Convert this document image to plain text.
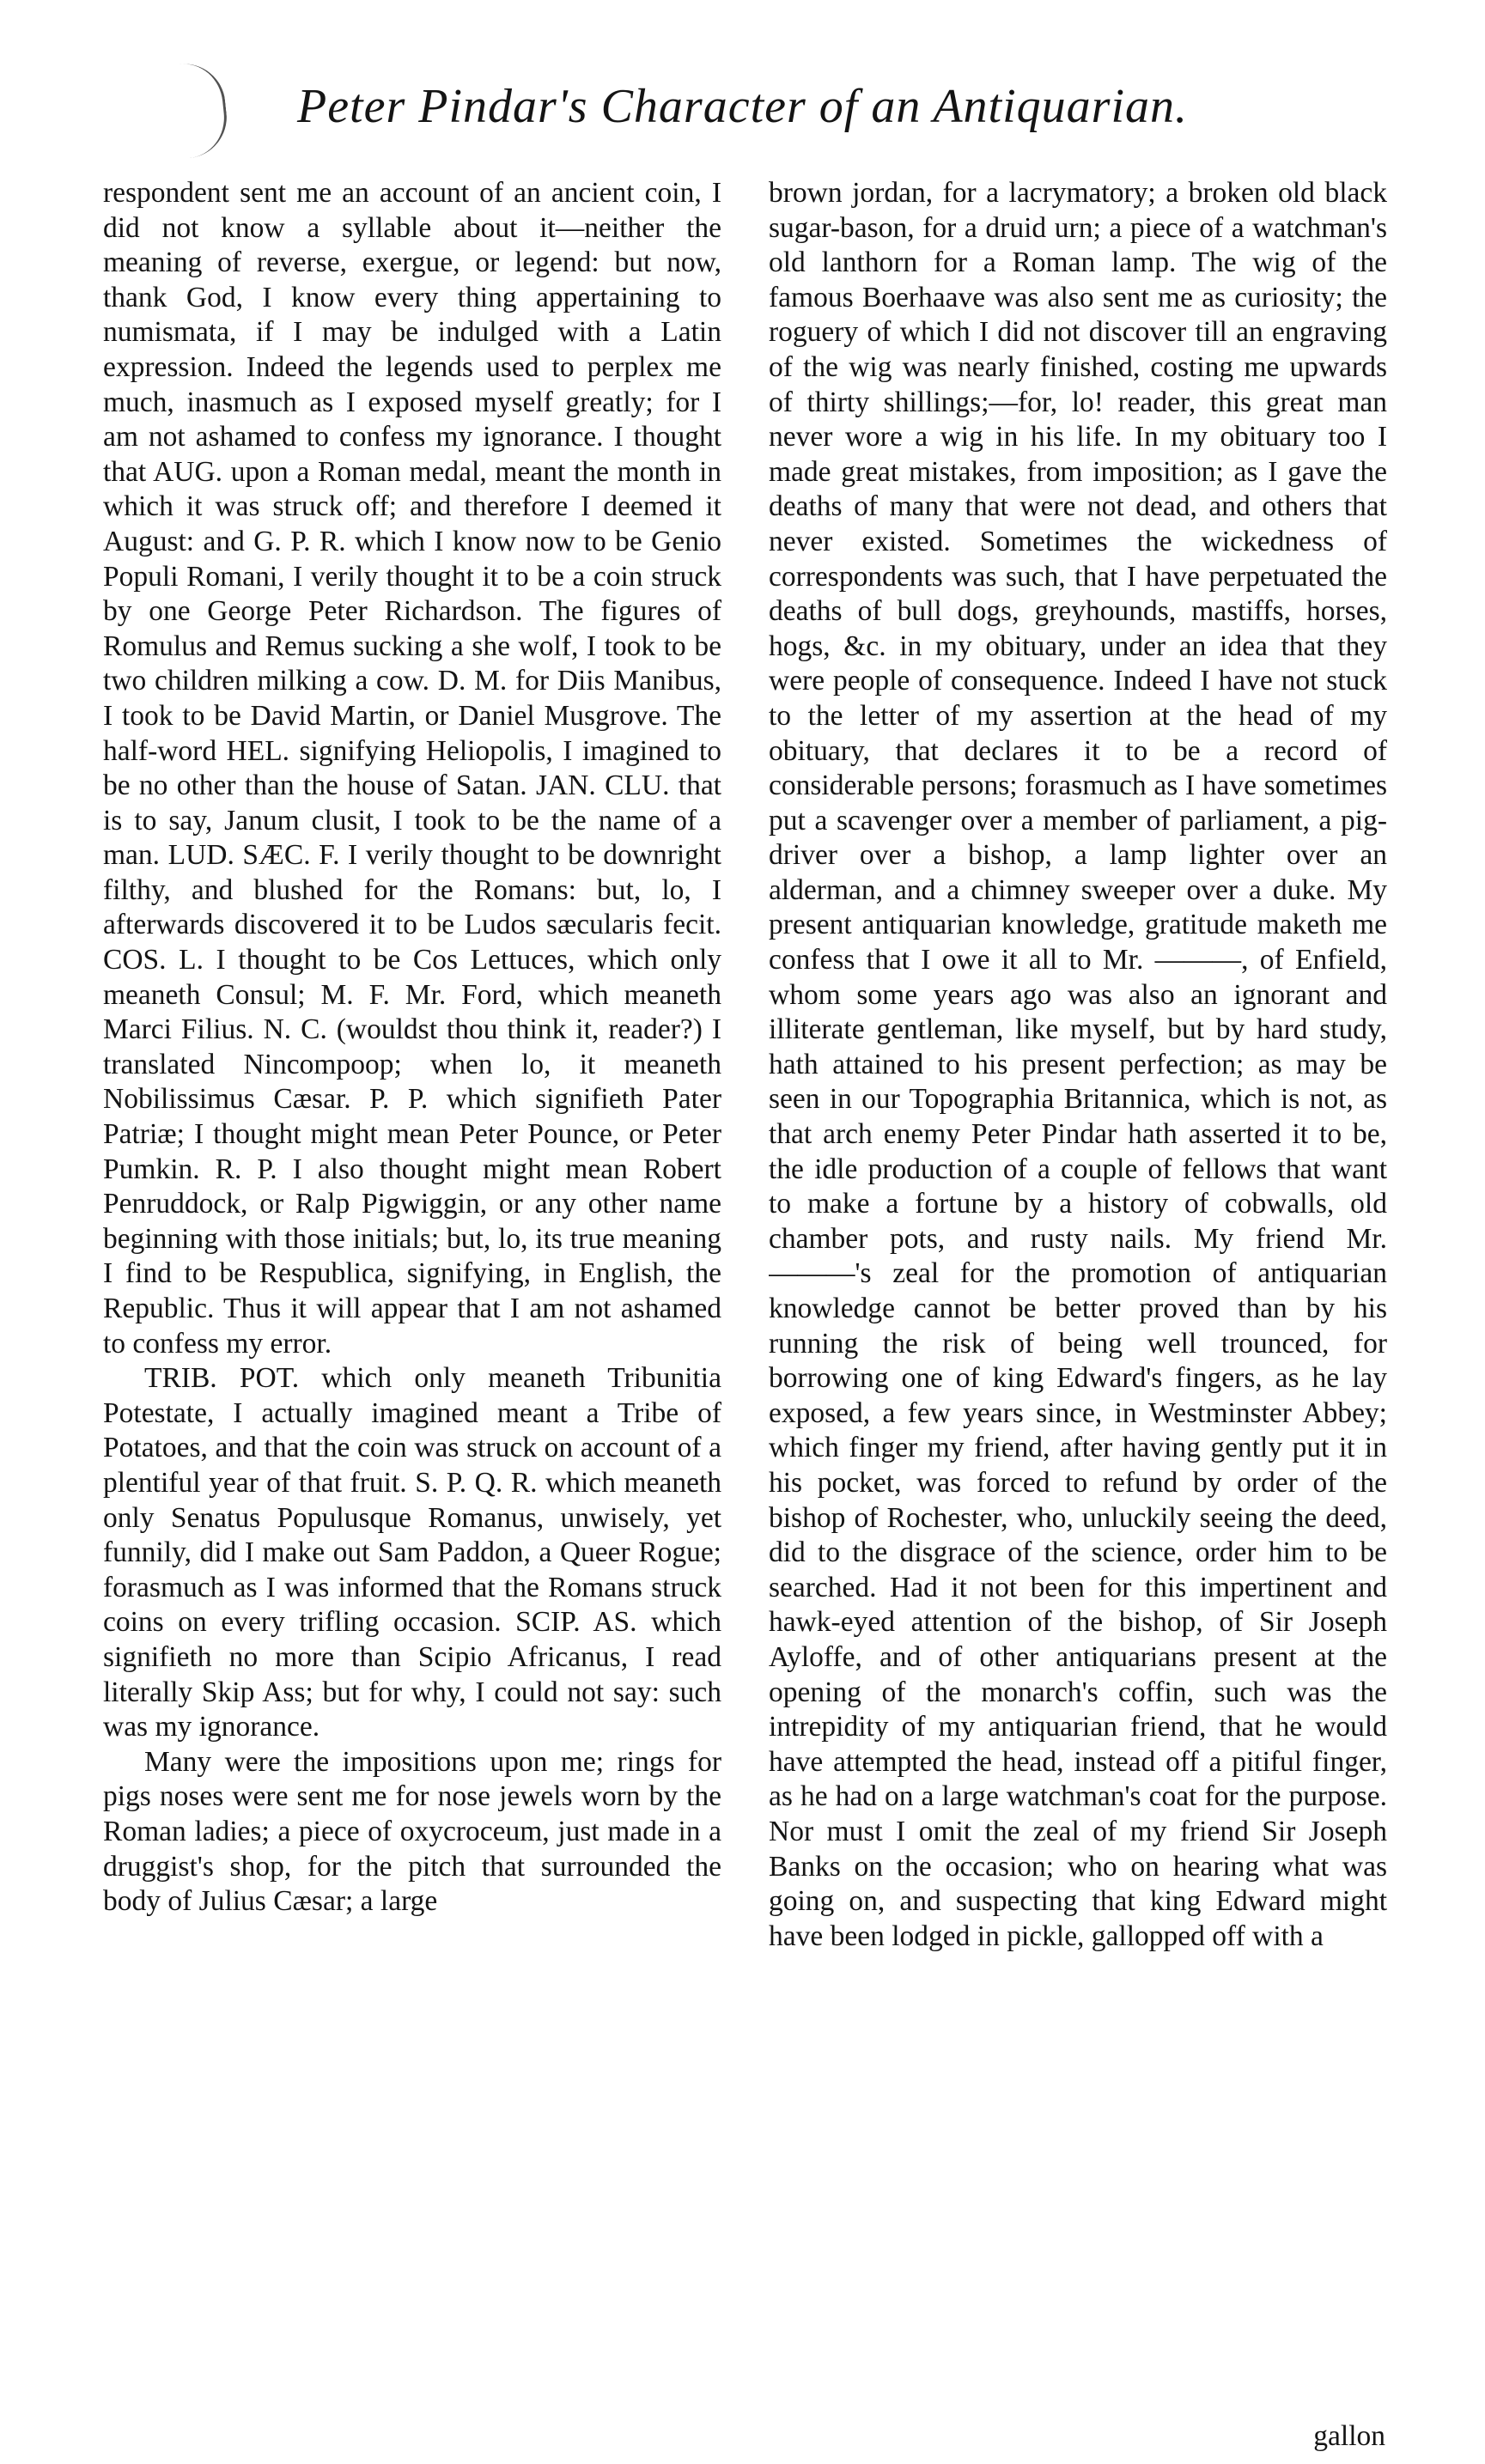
Peter Pindar's Character of an Antiquarian.

respondent sent me an account of an ancient coin, I did not know a syllable about it—neither the meaning of reverse, exergue, or legend: but now, thank God, I know every thing appertaining to numismata, if I may be indulged with a Latin expression. Indeed the legends used to perplex me much, inasmuch as I exposed myself greatly; for I am not ashamed to confess my ignorance. I thought that AUG. upon a Roman medal, meant the month in which it was struck off; and therefore I deemed it August: and G. P. R. which I know now to be Genio Populi Romani, I verily thought it to be a coin struck by one George Peter Richardson. The figures of Romulus and Remus sucking a she wolf, I took to be two children milking a cow. D. M. for Diis Manibus, I took to be David Martin, or Daniel Musgrove. The half-word HEL. signifying Heliopolis, I imagined to be no other than the house of Satan. JAN. CLU. that is to say, Janum clusit, I took to be the name of a man. LUD. SÆC. F. I verily thought to be downright filthy, and blushed for the Romans: but, lo, I afterwards discovered it to be Ludos sæcularis fecit. COS. L. I thought to be Cos Lettuces, which only meaneth Consul; M. F. Mr. Ford, which meaneth Marci Filius. N. C. (wouldst thou think it, reader?) I translated Nincompoop; when lo, it meaneth Nobilissimus Cæsar. P. P. which signifieth Pater Patriæ; I thought might mean Peter Pounce, or Peter Pumkin. R. P. I also thought might mean Robert Penruddock, or Ralp Pigwiggin, or any other name beginning with those initials; but, lo, its true meaning I find to be Respublica, signifying, in English, the Republic. Thus it will appear that I am not ashamed to confess my error.

TRIB. POT. which only meaneth Tribunitia Potestate, I actually imagined meant a Tribe of Potatoes, and that the coin was struck on account of a plentiful year of that fruit. S. P. Q. R. which meaneth only Senatus Populusque Romanus, unwisely, yet funnily, did I make out Sam Paddon, a Queer Rogue; forasmuch as I was informed that the Romans struck coins on every trifling occasion. SCIP. AS. which signifieth no more than Scipio Africanus, I read literally Skip Ass; but for why, I could not say: such was my ignorance.

Many were the impositions upon me; rings for pigs noses were sent me for nose jewels worn by the Roman ladies; a piece of oxycroceum, just made in a druggist's shop, for the pitch that surrounded the body of Julius Cæsar; a large

brown jordan, for a lacrymatory; a broken old black sugar-bason, for a druid urn; a piece of a watchman's old lanthorn for a Roman lamp. The wig of the famous Boerhaave was also sent me as curiosity; the roguery of which I did not discover till an engraving of the wig was nearly finished, costing me upwards of thirty shillings;—for, lo! reader, this great man never wore a wig in his life. In my obituary too I made great mistakes, from imposition; as I gave the deaths of many that were not dead, and others that never existed. Sometimes the wickedness of correspondents was such, that I have perpetuated the deaths of bull dogs, greyhounds, mastiffs, horses, hogs, &c. in my obituary, under an idea that they were people of consequence. Indeed I have not stuck to the letter of my assertion at the head of my obituary, that declares it to be a record of considerable persons; forasmuch as I have sometimes put a scavenger over a member of parliament, a pig-driver over a bishop, a lamp lighter over an alderman, and a chimney sweeper over a duke. My present antiquarian knowledge, gratitude maketh me confess that I owe it all to Mr. ———, of Enfield, whom some years ago was also an ignorant and illiterate gentleman, like myself, but by hard study, hath attained to his present perfection; as may be seen in our Topographia Britannica, which is not, as that arch enemy Peter Pindar hath asserted it to be, the idle production of a couple of fellows that want to make a fortune by a history of cobwalls, old chamber pots, and rusty nails. My friend Mr. ———'s zeal for the promotion of antiquarian knowledge cannot be better proved than by his running the risk of being well trounced, for borrowing one of king Edward's fingers, as he lay exposed, a few years since, in Westminster Abbey; which finger my friend, after having gently put it in his pocket, was forced to refund by order of the bishop of Rochester, who, unluckily seeing the deed, did to the disgrace of the science, order him to be searched. Had it not been for this impertinent and hawk-eyed attention of the bishop, of Sir Joseph Ayloffe, and of other antiquarians present at the opening of the monarch's coffin, such was the intrepidity of my antiquarian friend, that he would have attempted the head, instead off a pitiful finger, as he had on a large watchman's coat for the purpose. Nor must I omit the zeal of my friend Sir Joseph Banks on the occasion; who on hearing what was going on, and suspecting that king Edward might have been lodged in pickle, gallopped off with a

gallon
